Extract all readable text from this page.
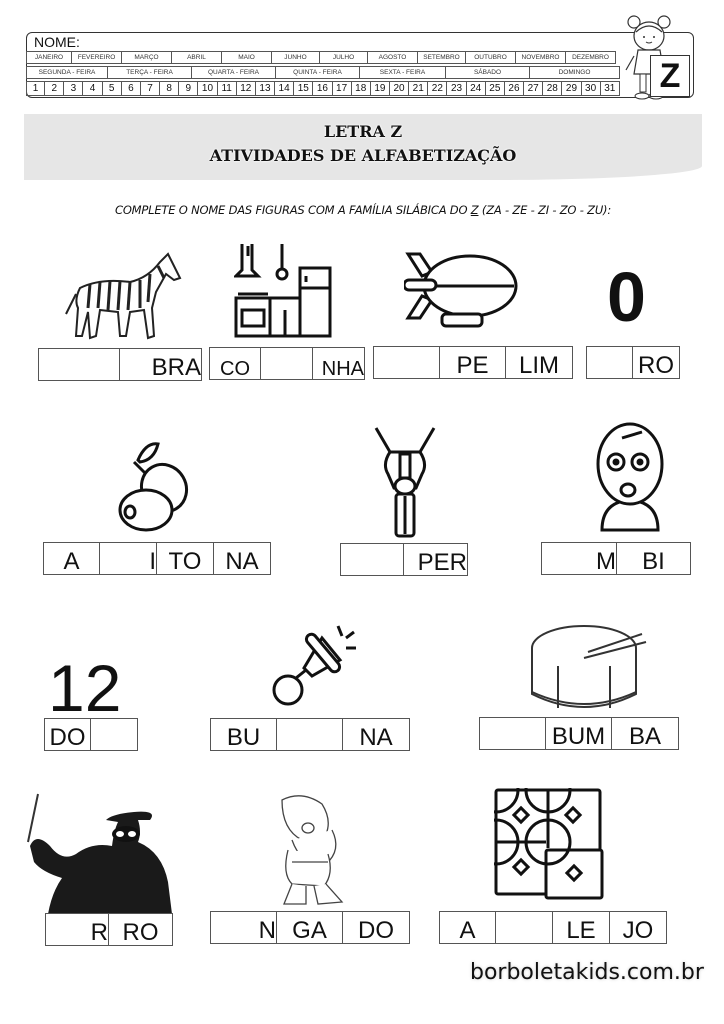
NOME:
JANEIRO	FEVEREIRO	MARÇO	ABRIL	MAIO	JUNHO	JULHO	AGOSTO	SETEMBRO	OUTUBRO	NOVEMBRO	DEZEMBRO
SEGUNDA - FEIRA	TERÇA - FEIRA	QUARTA - FEIRA	QUINTA - FEIRA	SEXTA - FEIRA	SÁBADO	DOMINGO
1	2	3	4	5	6	7	8	9	10 11 12 13 14 15 16 17 18 19 20 21 22 23 24 25 26 27 28 29 30 31 Z
LETRA Z
ATIVIDADES DE ALFABETIZAÇÃO
COMPLETE O NOME DAS FIGURAS COM A FAMÍLIA SILÁBICA DO Z (ZA - ZE - ZI - ZO - ZU):
0
BRA CO	NHA	PE	LIM	RO
A	I TO NA	PER	M	BI
12
DO	BU	NA	BUM BA
R RO	N GA	DO	A	LE	JO
borboletakids.com.br
